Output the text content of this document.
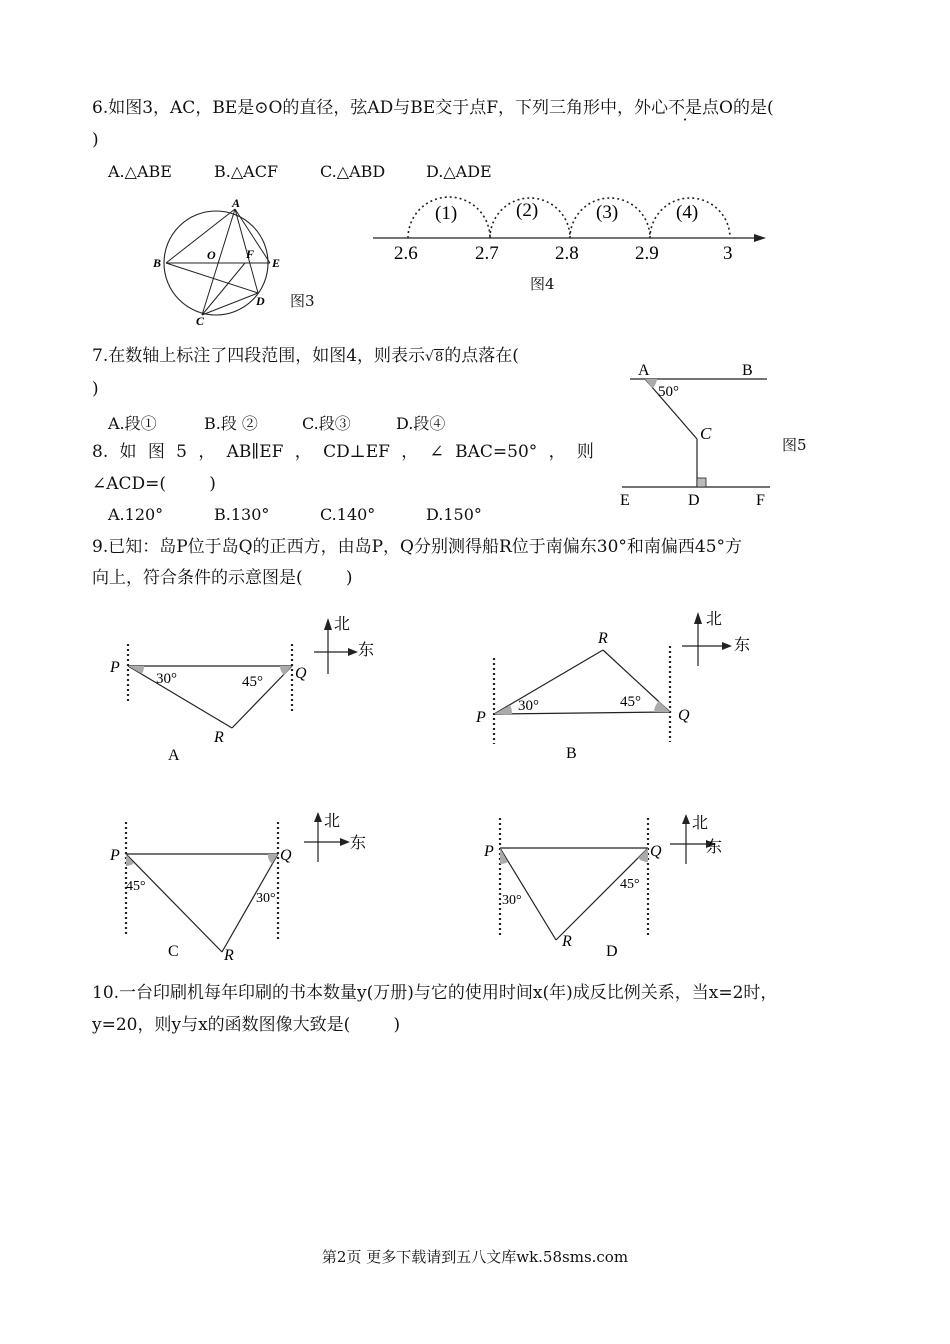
6.如图3，AC，BE是⊙O的直径，弦AD与BE交于点F，下列三角形中，外心不是点O的是(
)
A.△ABE	B.△ACF	C.△ABD	D.△ADE
A
B
O	F
E
D
C
图3
(1)	(2)	(3)	(4)
2.6	2.7	2.8	2.9	3
图4
7.在数轴上标注了四段范围，如图4，则表示√8的点落在(
)
A.段①	B.段 ②	C.段③	D.段④
A	B
50°
C
E	D	F
图5
8. 如 图 5 ， AB∥EF ， CD⊥EF ， ∠ BAC=50° ， 则
∠ACD=(        )
A.120°	B.130°	C.140°	D.150°
9.已知：岛P位于岛Q的正西方，由岛P，Q分别测得船R位于南偏东30°和南偏西45°方
向上，符合条件的示意图是(        )
P
30°	45° Q
R
A
北
东
P
30°	45°
Q
R
B
北
东
P
45°
30°
Q
R
C
北
东	P
30°
45°
Q
R
D
北
东
10.一台印刷机每年印刷的书本数量y(万册)与它的使用时间x(年)成反比例关系，当x=2时，
y=20，则y与x的函数图像大致是(        )
第2页 更多下载请到五八文库wk.58sms.com
